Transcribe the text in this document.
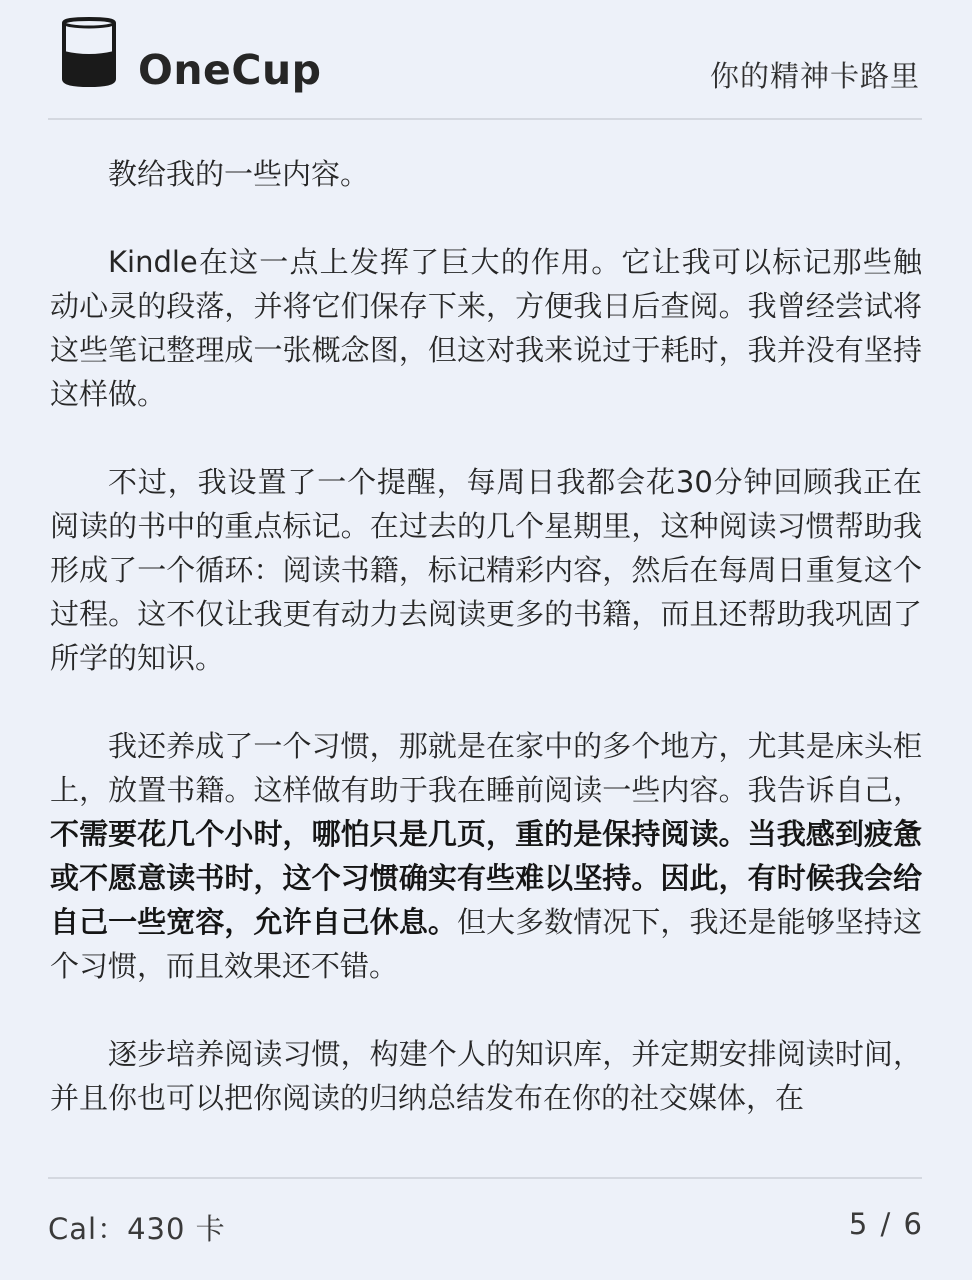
OneCup	你的精神卡路里
教给我的一些内容。
Kindle在这一点上发挥了巨大的作用。它让我可以标记那些触动心灵的段落，并将它们保存下来，方便我日后查阅。我曾经尝试将这些笔记整理成一张概念图，但这对我来说过于耗时，我并没有坚持这样做。
不过，我设置了一个提醒，每周日我都会花30分钟回顾我正在阅读的书中的重点标记。在过去的几个星期里，这种阅读习惯帮助我形成了一个循环：阅读书籍，标记精彩内容，然后在每周日重复这个过程。这不仅让我更有动力去阅读更多的书籍，而且还帮助我巩固了所学的知识。
我还养成了一个习惯，那就是在家中的多个地方，尤其是床头柜上，放置书籍。这样做有助于我在睡前阅读一些内容。我告诉自己，不需要花几个小时，哪怕只是几页，重的是保持阅读。当我感到疲惫或不愿意读书时，这个习惯确实有些难以坚持。因此，有时候我会给自己一些宽容，允许自己休息。但大多数情况下，我还是能够坚持这个习惯，而且效果还不错。
逐步培养阅读习惯，构建个人的知识库，并定期安排阅读时间，并且你也可以把你阅读的归纳总结发布在你的社交媒体，在
Cal：430 卡	5 / 6
